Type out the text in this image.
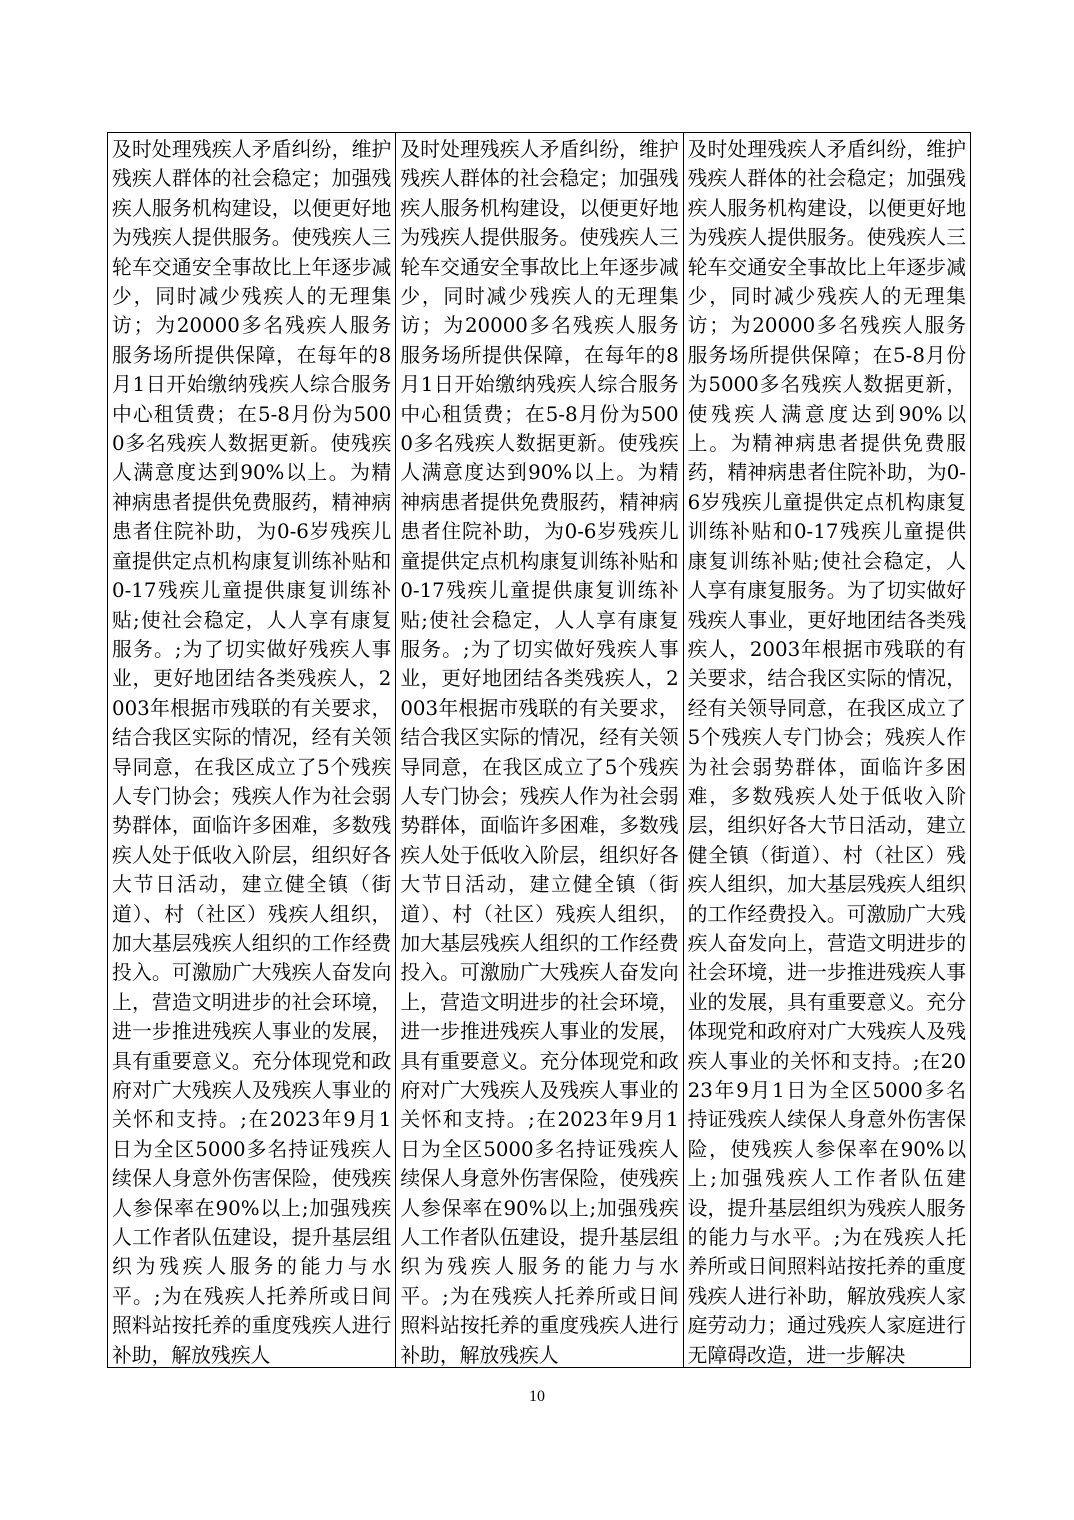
及时处理残疾人矛盾纠纷，维护残疾人群体的社会稳定；加强残疾人服务机构建设，以便更好地为残疾人提供服务。使残疾人三轮车交通安全事故比上年逐步减少，同时减少残疾人的无理集访；为20000多名残疾人服务服务场所提供保障，在每年的8月1日开始缴纳残疾人综合服务中心租赁费；在5-8月份为5000多名残疾人数据更新。使残疾人满意度达到90%以上。为精神病患者提供免费服药，精神病患者住院补助，为0-6岁残疾儿童提供定点机构康复训练补贴和0-17残疾儿童提供康复训练补贴;使社会稳定，人人享有康复服务。;为了切实做好残疾人事业，更好地团结各类残疾人，2003年根据市残联的有关要求，结合我区实际的情况，经有关领导同意，在我区成立了5个残疾人专门协会；残疾人作为社会弱势群体，面临许多困难，多数残疾人处于低收入阶层，组织好各大节日活动，建立健全镇（街道）、村（社区）残疾人组织，加大基层残疾人组织的工作经费投入。可激励广大残疾人奋发向上，营造文明进步的社会环境，进一步推进残疾人事业的发展，具有重要意义。充分体现党和政府对广大残疾人及残疾人事业的关怀和支持。;在2023年9月1日为全区5000多名持证残疾人续保人身意外伤害保险，使残疾人参保率在90%以上;加强残疾人工作者队伍建设，提升基层组织为残疾人服务的能力与水平。;为在残疾人托养所或日间照料站按托养的重度残疾人进行补助，解放残疾人
及时处理残疾人矛盾纠纷，维护残疾人群体的社会稳定；加强残疾人服务机构建设，以便更好地为残疾人提供服务。使残疾人三轮车交通安全事故比上年逐步减少，同时减少残疾人的无理集访；为20000多名残疾人服务服务场所提供保障，在每年的8月1日开始缴纳残疾人综合服务中心租赁费；在5-8月份为5000多名残疾人数据更新。使残疾人满意度达到90%以上。为精神病患者提供免费服药，精神病患者住院补助，为0-6岁残疾儿童提供定点机构康复训练补贴和0-17残疾儿童提供康复训练补贴;使社会稳定，人人享有康复服务。;为了切实做好残疾人事业，更好地团结各类残疾人，2003年根据市残联的有关要求，结合我区实际的情况，经有关领导同意，在我区成立了5个残疾人专门协会；残疾人作为社会弱势群体，面临许多困难，多数残疾人处于低收入阶层，组织好各大节日活动，建立健全镇（街道）、村（社区）残疾人组织，加大基层残疾人组织的工作经费投入。可激励广大残疾人奋发向上，营造文明进步的社会环境，进一步推进残疾人事业的发展，具有重要意义。充分体现党和政府对广大残疾人及残疾人事业的关怀和支持。;在2023年9月1日为全区5000多名持证残疾人续保人身意外伤害保险，使残疾人参保率在90%以上;加强残疾人工作者队伍建设，提升基层组织为残疾人服务的能力与水平。;为在残疾人托养所或日间照料站按托养的重度残疾人进行补助，解放残疾人
及时处理残疾人矛盾纠纷，维护残疾人群体的社会稳定；加强残疾人服务机构建设，以便更好地为残疾人提供服务。使残疾人三轮车交通安全事故比上年逐步减少，同时减少残疾人的无理集访；为20000多名残疾人服务服务场所提供保障；在5-8月份为5000多名残疾人数据更新，使残疾人满意度达到90%以上。为精神病患者提供免费服药，精神病患者住院补助，为0-6岁残疾儿童提供定点机构康复训练补贴和0-17残疾儿童提供康复训练补贴;使社会稳定，人人享有康复服务。为了切实做好残疾人事业，更好地团结各类残疾人，2003年根据市残联的有关要求，结合我区实际的情况，经有关领导同意，在我区成立了5个残疾人专门协会；残疾人作为社会弱势群体，面临许多困难，多数残疾人处于低收入阶层，组织好各大节日活动，建立健全镇（街道）、村（社区）残疾人组织，加大基层残疾人组织的工作经费投入。可激励广大残疾人奋发向上，营造文明进步的社会环境，进一步推进残疾人事业的发展，具有重要意义。充分体现党和政府对广大残疾人及残疾人事业的关怀和支持。;在2023年9月1日为全区5000多名持证残疾人续保人身意外伤害保险，使残疾人参保率在90%以上;加强残疾人工作者队伍建设，提升基层组织为残疾人服务的能力与水平。;为在残疾人托养所或日间照料站按托养的重度残疾人进行补助，解放残疾人家庭劳动力；通过残疾人家庭进行无障碍改造，进一步解决
10
